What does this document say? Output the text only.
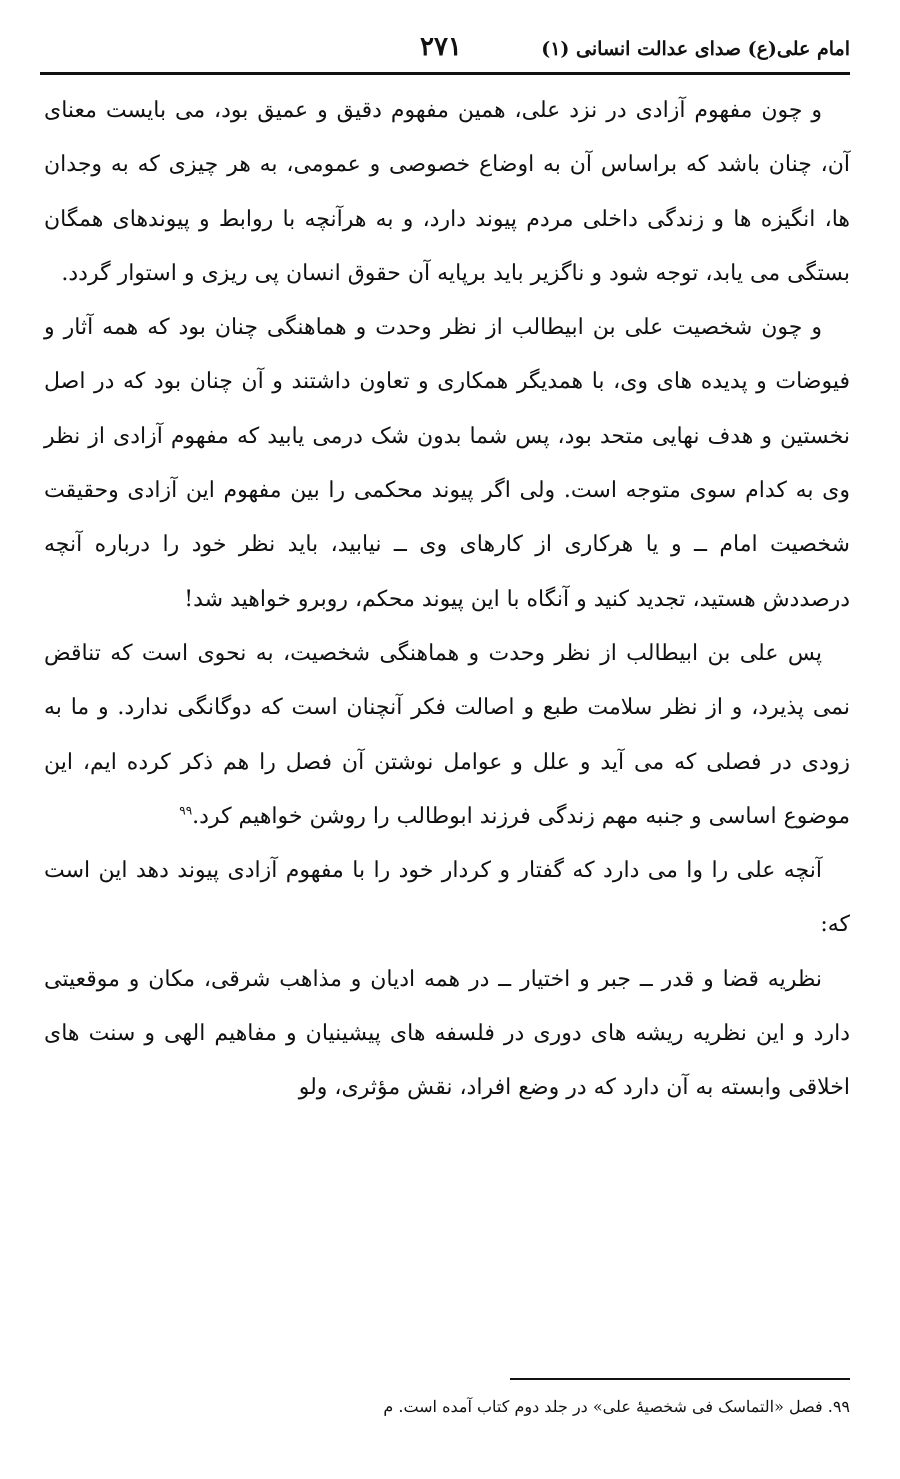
امام علی(ع) صدای عدالت انسانی (۱)
۲۷۱

و چون مفهوم آزادی در نزد علی، همین مفهوم دقیق و عمیق بود، می بایست معنای آن، چنان باشد که براساس آن به اوضاع خصوصی و عمومی، به هر چیزی که به وجدان ها، انگیزه ها و زندگی داخلی مردم پیوند دارد، و به هرآنچه با روابط و پیوندهای همگان بستگی می یابد، توجه شود و ناگزیر باید برپایه آن حقوق انسان پی ریزی و استوار گردد.

و چون شخصیت علی بن ابیطالب از نظر وحدت و هماهنگی چنان بود که همه آثار و فیوضات و پدیده های وی، با همدیگر همکاری و تعاون داشتند و آن چنان بود که در اصل نخستین و هدف نهایی متحد بود، پس شما بدون شک درمی یابید که مفهوم آزادی از نظر وی به کدام سوی متوجه است. ولی اگر پیوند محکمی را بین مفهوم این آزادی وحقیقت شخصیت امام ــ و یا هرکاری از کارهای وی ــ نیابید، باید نظر خود را درباره آنچه درصددش هستید، تجدید کنید و آنگاه با این پیوند محکم، روبرو خواهید شد!

پس علی بن ابیطالب از نظر وحدت و هماهنگی شخصیت، به نحوی است که تناقض نمی پذیرد، و از نظر سلامت طبع و اصالت فکر آنچنان است که دوگانگی ندارد. و ما به زودی در فصلی که می آید و علل و عوامل نوشتن آن فصل را هم ذکر کرده ایم، این موضوع اساسی و جنبه مهم زندگی فرزند ابوطالب را روشن خواهیم کرد.$^{۹۹}$

آنچه علی را وا می دارد که گفتار و کردار خود را با مفهوم آزادی پیوند دهد این است که:

نظریه قضا و قدر ــ جبر و اختیار ــ در همه ادیان و مذاهب شرقی، مکان و موقعیتی دارد و این نظریه ریشه های دوری در فلسفه های پیشینیان و مفاهیم الهی و سنت های اخلاقی وابسته به آن دارد که در وضع افراد، نقش مؤثری، ولو

۹۹. فصل «التماسک فی شخصیهٔ علی» در جلد دوم کتاب آمده است. م
